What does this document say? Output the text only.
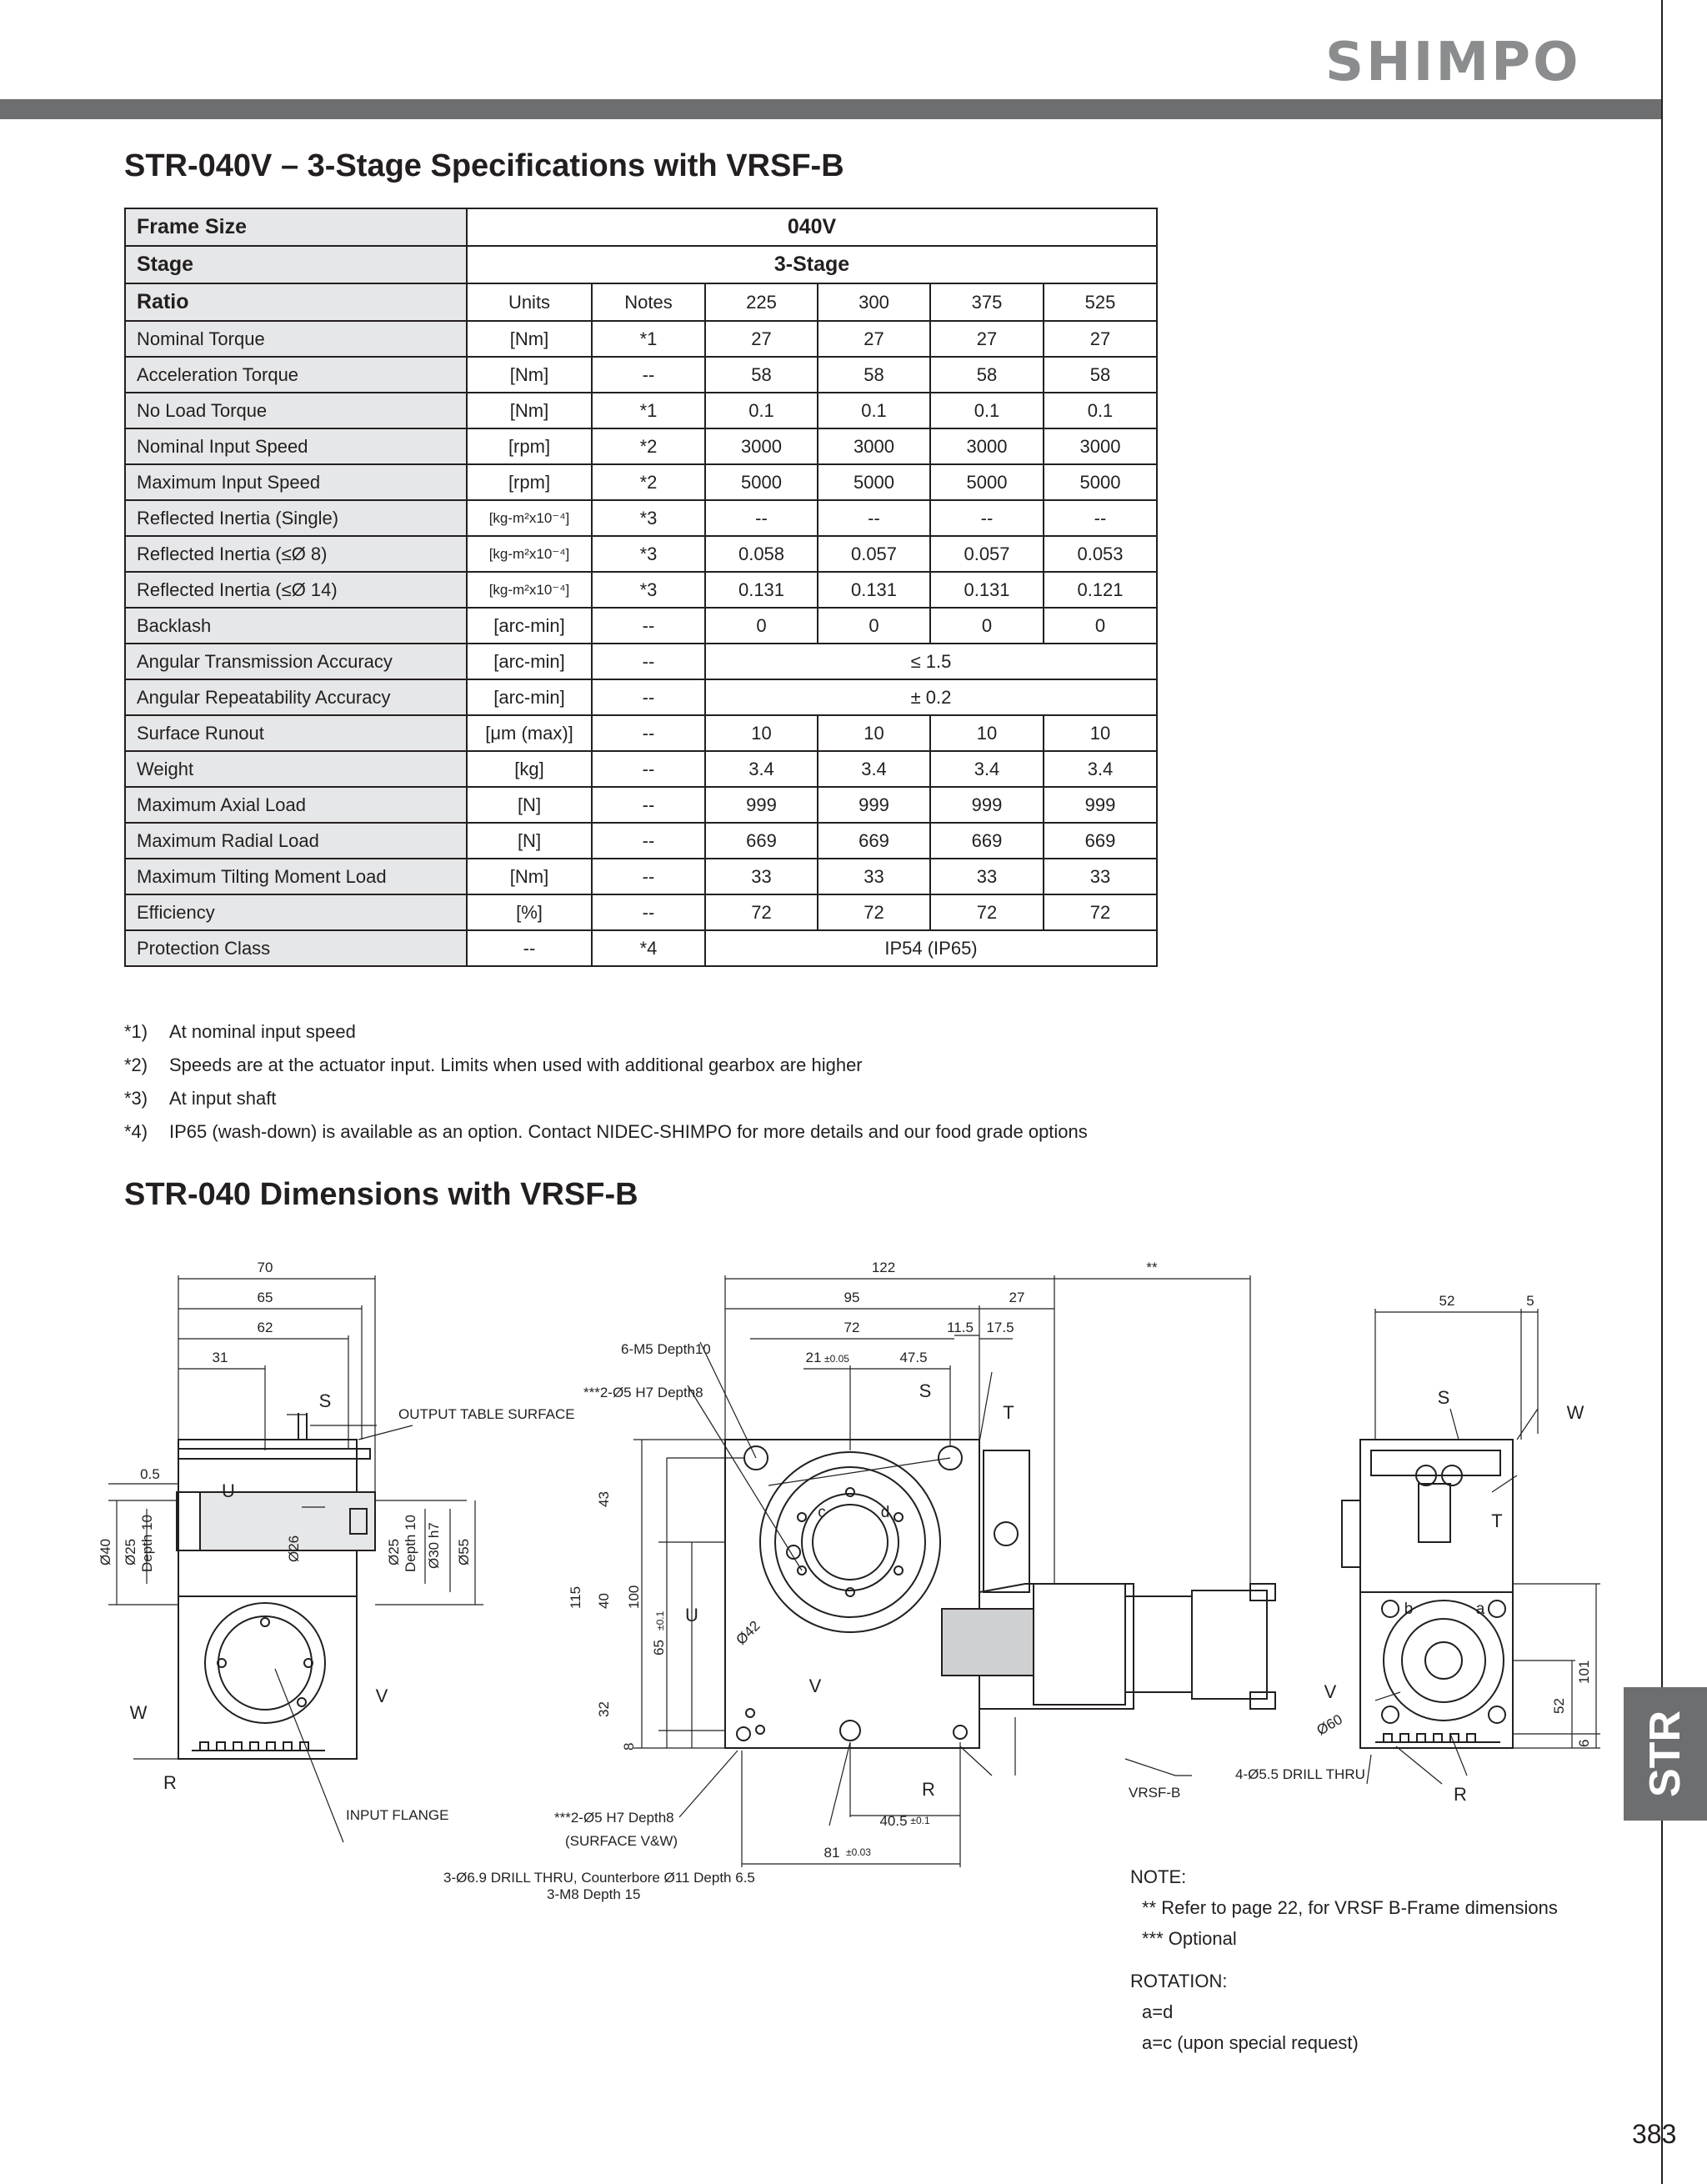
SHIMPO
STR-040V – 3-Stage Specifications with VRSF-B
Frame Size	040V					
Stage	3-Stage					
Ratio	Units	Notes	225	300	375	525
Nominal Torque	[Nm]	*1	27	27	27	27
Acceleration Torque	[Nm]	--	58	58	58	58
No Load Torque	[Nm]	*1	0.1	0.1	0.1	0.1
Nominal Input Speed	[rpm]	*2	3000	3000	3000	3000
Maximum Input Speed	[rpm]	*2	5000	5000	5000	5000
Reflected Inertia (Single)	[kg-m²x10⁻⁴]	*3	--	--	--	--
Reflected Inertia (≤Ø 8)	[kg-m²x10⁻⁴]	*3	0.058	0.057	0.057	0.053
Reflected Inertia (≤Ø 14)	[kg-m²x10⁻⁴]	*3	0.131	0.131	0.131	0.121
Backlash	[arc-min]	--	0	0	0	0
Angular Transmission Accuracy	[arc-min]	--	≤ 1.5			
Angular Repeatability Accuracy	[arc-min]	--	± 0.2			
Surface Runout	[μm (max)]	--	10	10	10	10
Weight	[kg]	--	3.4	3.4	3.4	3.4
Maximum Axial Load	[N]	--	999	999	999	999
Maximum Radial Load	[N]	--	669	669	669	669
Maximum Tilting Moment Load	[Nm]	--	33	33	33	33
Efficiency	[%]	--	72	72	72	72
Protection Class	--	*4	IP54 (IP65)			
*1) At nominal input speed
*2) Speeds are at the actuator input. Limits when used with additional gearbox are higher
*3) At input shaft
*4) IP65 (wash-down) is available as an option. Contact NIDEC-SHIMPO for more details and our food grade options
STR-040 Dimensions with VRSF-B
70
65
62
31
0.5
S
U
W
V
R
OUTPUT TABLE SURFACE
INPUT FLANGE
Ø40 Ø25 Depth 10	Ø26	Ø25 Depth 10 Ø30 h7 Ø55
122	**
95	27
72	11.5 17.5
21 ±0.05	47.5
40.5 ±0.1
81 ±0.03
43
40
32
8
115	100
65
±0.1	Ø42
S
T
U
V
R
c	d
6-M5 Depth10
***2-Ø5 H7 Depth8
***2-Ø5 H7 Depth8
(SURFACE V&W)
3-Ø6.9 DRILL THRU, Counterbore Ø11 Depth 6.5
3-M8 Depth 15
VRSF-B
52	5
101
52
6
S
W
T
V
R
b	a
Ø60
4-Ø5.5 DRILL THRU
NOTE:
** Refer to page 22, for VRSF B-Frame dimensions
*** Optional
ROTATION:
a=d
a=c (upon special request)
STR
383
